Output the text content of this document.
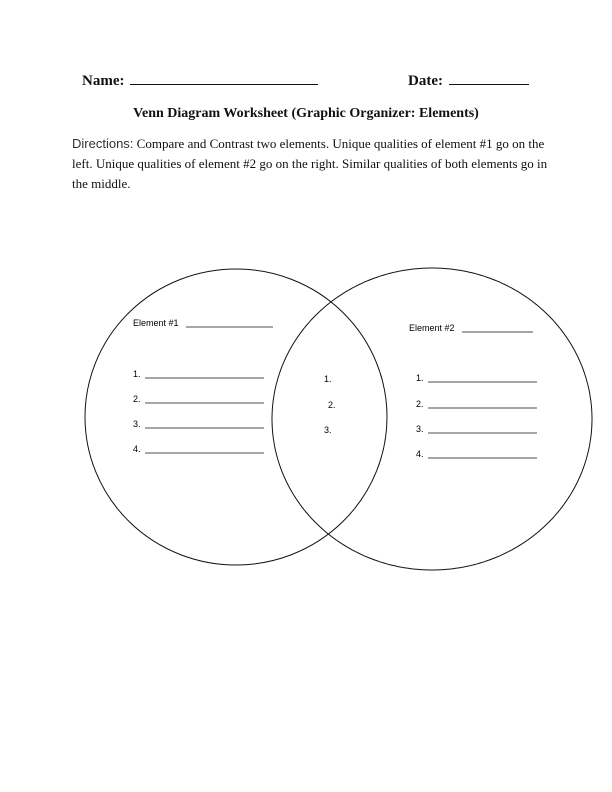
Name:	Date:
Venn Diagram Worksheet (Graphic Organizer: Elements)
Directions: Compare and Contrast two elements. Unique qualities of element #1 go on the left. Unique qualities of element #2 go on the right. Similar qualities of both elements go in the middle.
Element #1
1.
2.
3.
4.
1.
2.
3.
Element #2
1.
2.
3.
4.
